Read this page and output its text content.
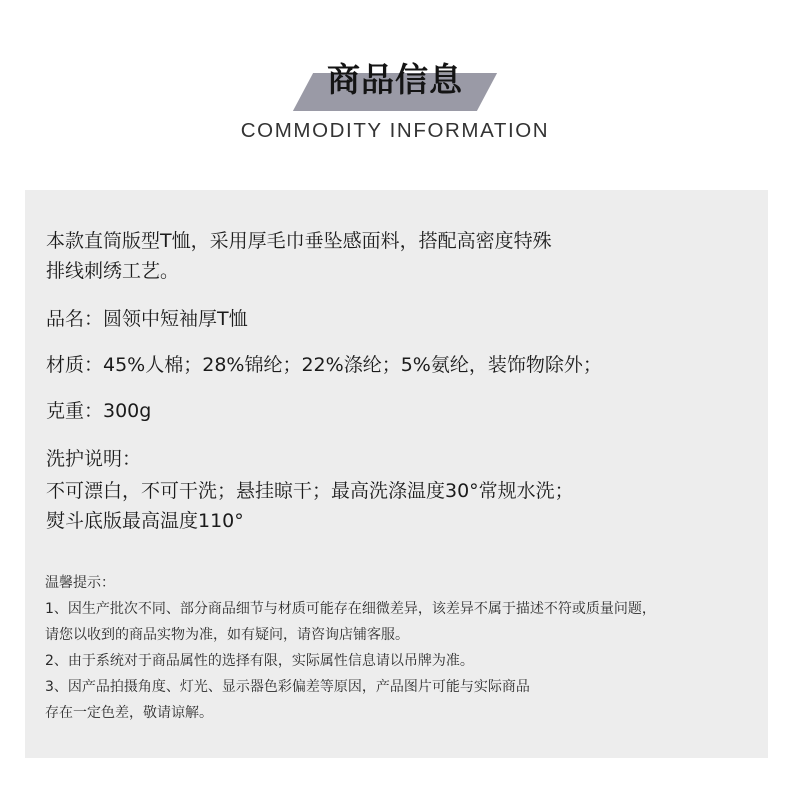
商品信息
COMMODITY INFORMATION
本款直筒版型T恤，采用厚毛巾垂坠感面料，搭配高密度特殊
排线刺绣工艺。
品名：圆领中短袖厚T恤
材质：45%人棉；28%锦纶；22%涤纶；5%氨纶，装饰物除外；
克重：300g
洗护说明：
不可漂白，不可干洗；悬挂晾干；最高洗涤温度30°常规水洗；
熨斗底版最高温度110°
温馨提示：
1、因生产批次不同、部分商品细节与材质可能存在细微差异，该差异不属于描述不符或质量问题，
请您以收到的商品实物为准，如有疑问，请咨询店铺客服。
2、由于系统对于商品属性的选择有限，实际属性信息请以吊牌为准。
3、因产品拍摄角度、灯光、显示器色彩偏差等原因，产品图片可能与实际商品
存在一定色差，敬请谅解。
